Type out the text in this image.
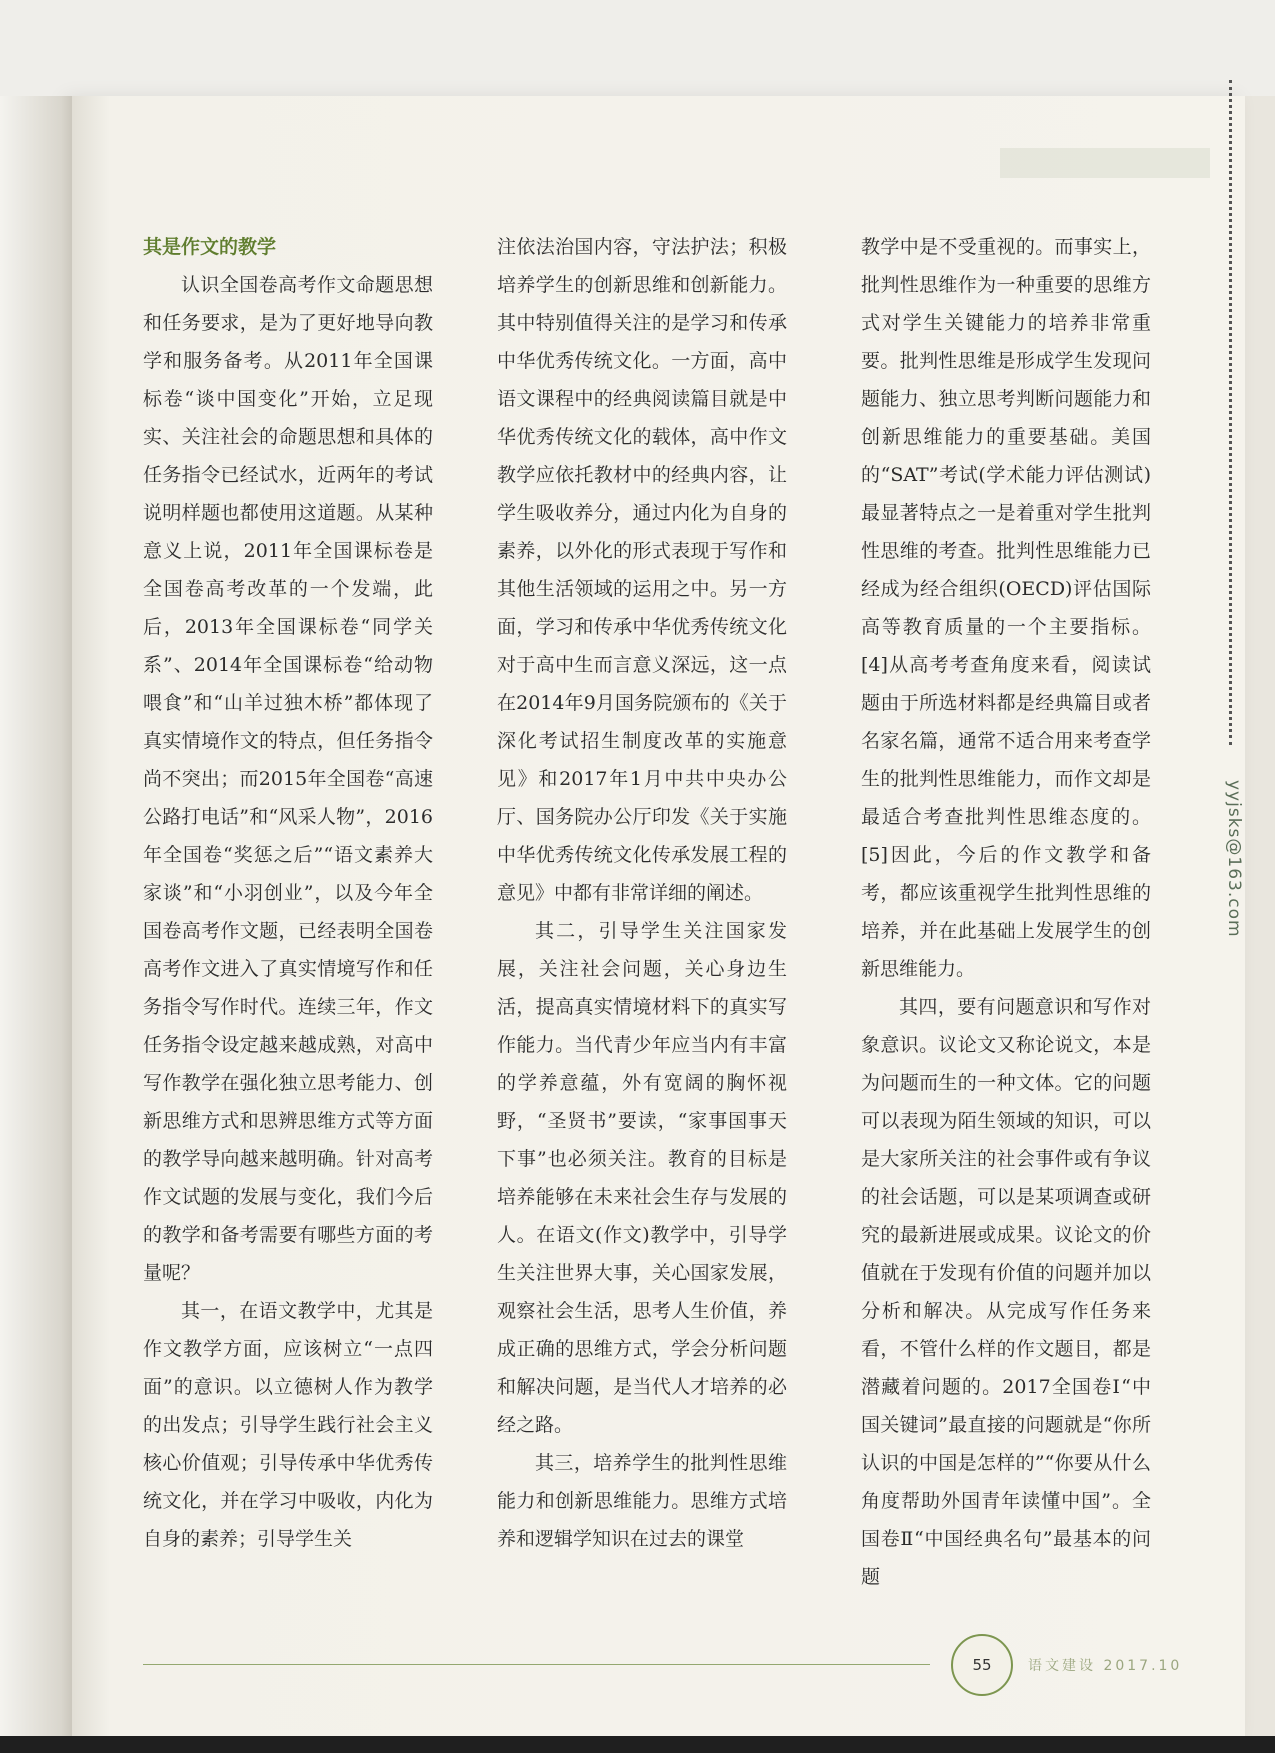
yyjsks@163.com

其是作文的教学

认识全国卷高考作文命题思想和任务要求，是为了更好地导向教学和服务备考。从2011年全国课标卷“谈中国变化”开始，立足现实、关注社会的命题思想和具体的任务指令已经试水，近两年的考试说明样题也都使用这道题。从某种意义上说，2011年全国课标卷是全国卷高考改革的一个发端，此后，2013年全国课标卷“同学关系”、2014年全国课标卷“给动物喂食”和“山羊过独木桥”都体现了真实情境作文的特点，但任务指令尚不突出；而2015年全国卷“高速公路打电话”和“风采人物”，2016年全国卷“奖惩之后”“语文素养大家谈”和“小羽创业”，以及今年全国卷高考作文题，已经表明全国卷高考作文进入了真实情境写作和任务指令写作时代。连续三年，作文任务指令设定越来越成熟，对高中写作教学在强化独立思考能力、创新思维方式和思辨思维方式等方面的教学导向越来越明确。针对高考作文试题的发展与变化，我们今后的教学和备考需要有哪些方面的考量呢？

其一，在语文教学中，尤其是作文教学方面，应该树立“一点四面”的意识。以立德树人作为教学的出发点；引导学生践行社会主义核心价值观；引导传承中华优秀传统文化，并在学习中吸收，内化为自身的素养；引导学生关

注依法治国内容，守法护法；积极培养学生的创新思维和创新能力。其中特别值得关注的是学习和传承中华优秀传统文化。一方面，高中语文课程中的经典阅读篇目就是中华优秀传统文化的载体，高中作文教学应依托教材中的经典内容，让学生吸收养分，通过内化为自身的素养，以外化的形式表现于写作和其他生活领域的运用之中。另一方面，学习和传承中华优秀传统文化对于高中生而言意义深远，这一点在2014年9月国务院颁布的《关于深化考试招生制度改革的实施意见》和2017年1月中共中央办公厅、国务院办公厅印发《关于实施中华优秀传统文化传承发展工程的意见》中都有非常详细的阐述。

其二，引导学生关注国家发展，关注社会问题，关心身边生活，提高真实情境材料下的真实写作能力。当代青少年应当内有丰富的学养意蕴，外有宽阔的胸怀视野，“圣贤书”要读，“家事国事天下事”也必须关注。教育的目标是培养能够在未来社会生存与发展的人。在语文(作文)教学中，引导学生关注世界大事，关心国家发展，观察社会生活，思考人生价值，养成正确的思维方式，学会分析问题和解决问题，是当代人才培养的必经之路。

其三，培养学生的批判性思维能力和创新思维能力。思维方式培养和逻辑学知识在过去的课堂

教学中是不受重视的。而事实上，批判性思维作为一种重要的思维方式对学生关键能力的培养非常重要。批判性思维是形成学生发现问题能力、独立思考判断问题能力和创新思维能力的重要基础。美国的“SAT”考试(学术能力评估测试)最显著特点之一是着重对学生批判性思维的考查。批判性思维能力已经成为经合组织(OECD)评估国际高等教育质量的一个主要指标。[4]从高考考查角度来看，阅读试题由于所选材料都是经典篇目或者名家名篇，通常不适合用来考查学生的批判性思维能力，而作文却是最适合考查批判性思维态度的。[5]因此，今后的作文教学和备考，都应该重视学生批判性思维的培养，并在此基础上发展学生的创新思维能力。

其四，要有问题意识和写作对象意识。议论文又称论说文，本是为问题而生的一种文体。它的问题可以表现为陌生领域的知识，可以是大家所关注的社会事件或有争议的社会话题，可以是某项调查或研究的最新进展或成果。议论文的价值就在于发现有价值的问题并加以分析和解决。从完成写作任务来看，不管什么样的作文题目，都是潜藏着问题的。2017全国卷Ⅰ“中国关键词”最直接的问题就是“你所认识的中国是怎样的”“你要从什么角度帮助外国青年读懂中国”。全国卷Ⅱ“中国经典名句”最基本的问题

55	语文建设 2017.10
